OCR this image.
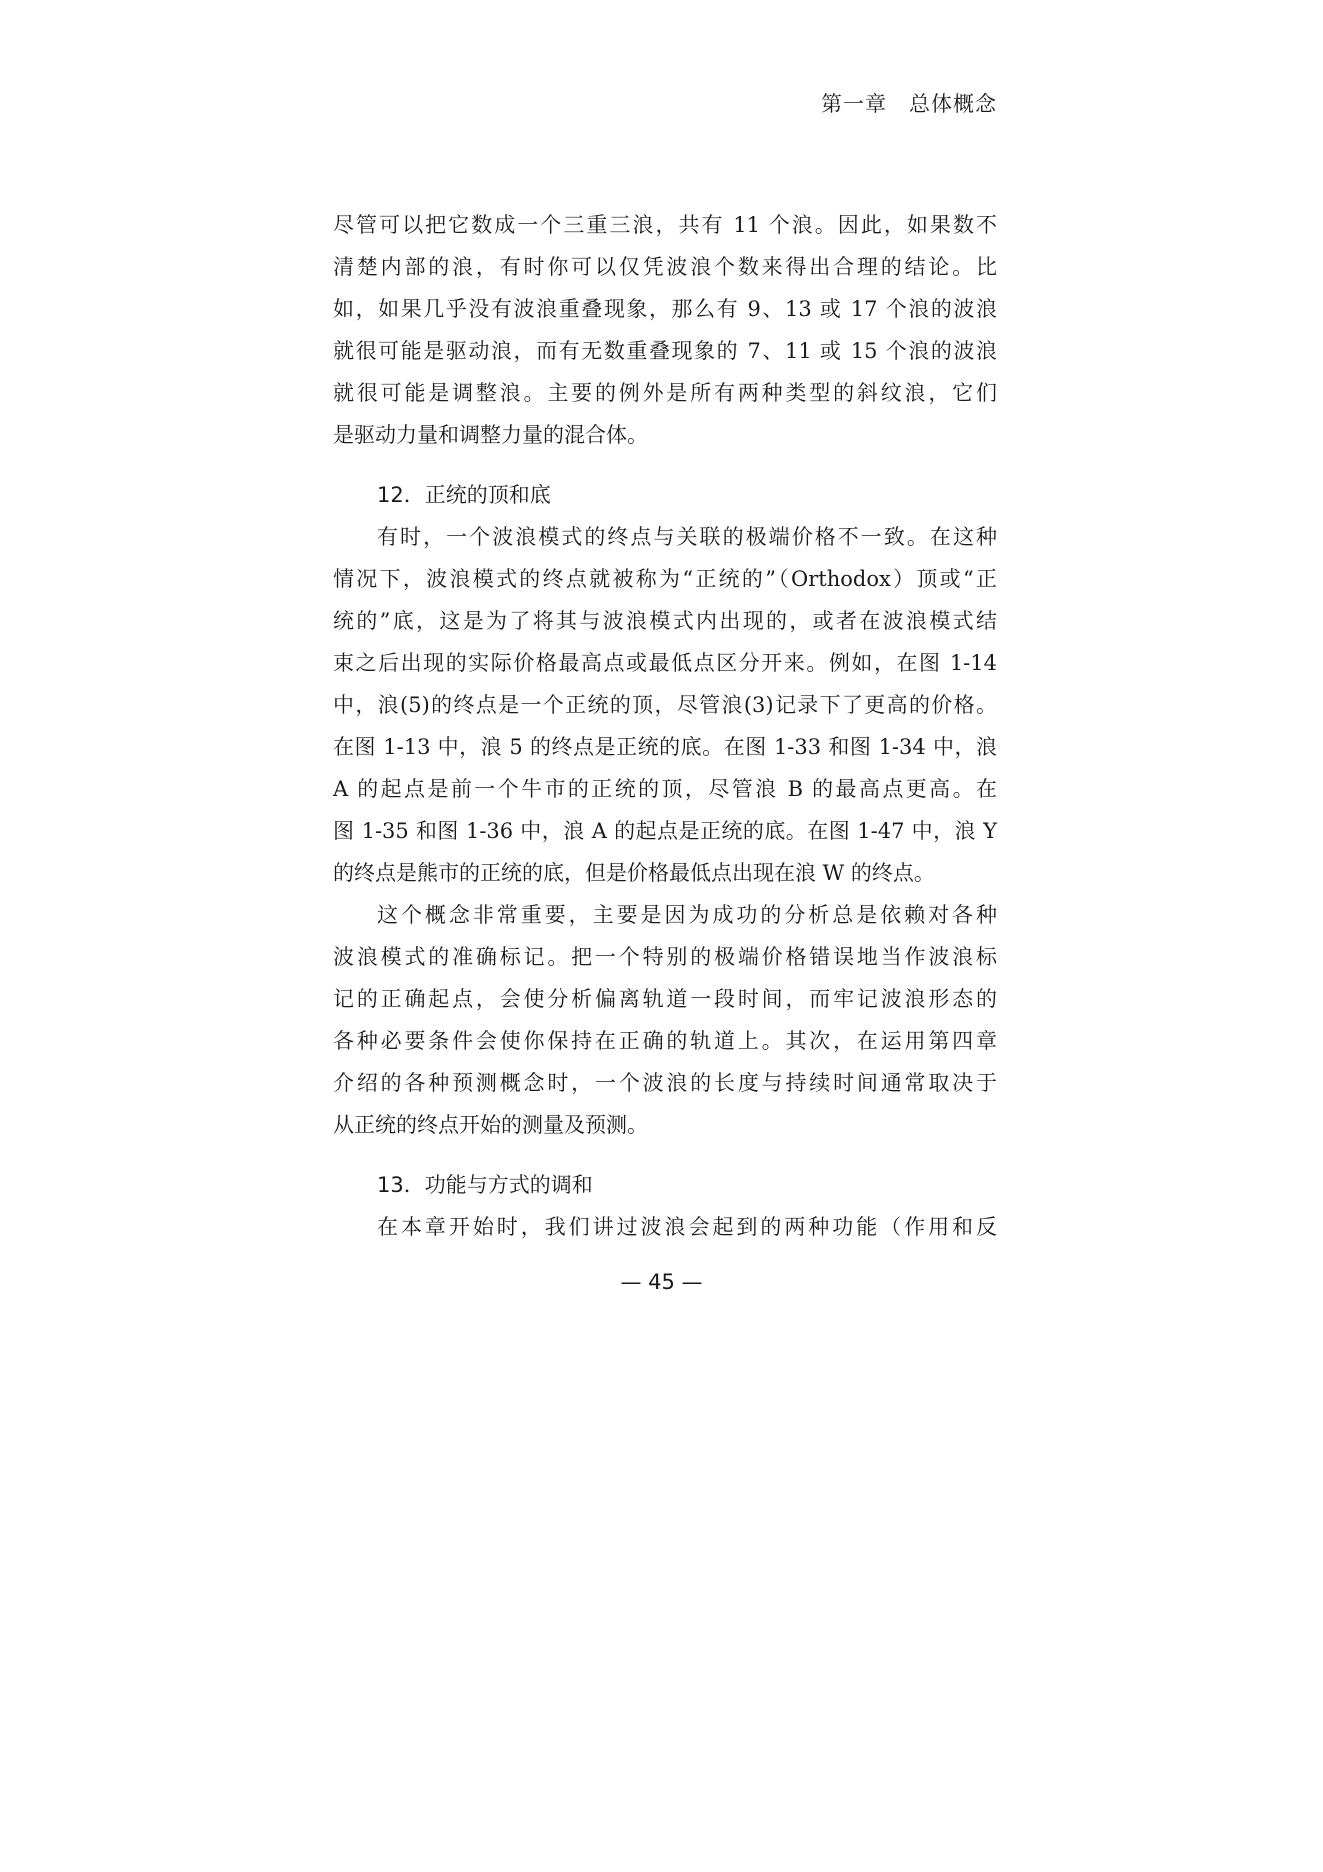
第一章　总体概念
尽管可以把它数成一个三重三浪，共有 11 个浪。因此，如果数不
清楚内部的浪，有时你可以仅凭波浪个数来得出合理的结论。比
如，如果几乎没有波浪重叠现象，那么有 9、13 或 17 个浪的波浪
就很可能是驱动浪，而有无数重叠现象的 7、11 或 15 个浪的波浪
就很可能是调整浪。主要的例外是所有两种类型的斜纹浪，它们
是驱动力量和调整力量的混合体。
12．正统的顶和底
有时，一个波浪模式的终点与关联的极端价格不一致。在这种
情况下，波浪模式的终点就被称为“正统的”（Orthodox）顶或“正
统的”底，这是为了将其与波浪模式内出现的，或者在波浪模式结
束之后出现的实际价格最高点或最低点区分开来。例如，在图 1-14
中，浪(5)的终点是一个正统的顶，尽管浪(3)记录下了更高的价格。
在图 1-13 中，浪 5 的终点是正统的底。在图 1-33 和图 1-34 中，浪
A 的起点是前一个牛市的正统的顶，尽管浪 B 的最高点更高。在
图 1-35 和图 1-36 中，浪 A 的起点是正统的底。在图 1-47 中，浪 Y
的终点是熊市的正统的底，但是价格最低点出现在浪 W 的终点。
这个概念非常重要，主要是因为成功的分析总是依赖对各种
波浪模式的准确标记。把一个特别的极端价格错误地当作波浪标
记的正确起点，会使分析偏离轨道一段时间，而牢记波浪形态的
各种必要条件会使你保持在正确的轨道上。其次，在运用第四章
介绍的各种预测概念时，一个波浪的长度与持续时间通常取决于
从正统的终点开始的测量及预测。
13．功能与方式的调和
在本章开始时，我们讲过波浪会起到的两种功能（作用和反
— 45 —
